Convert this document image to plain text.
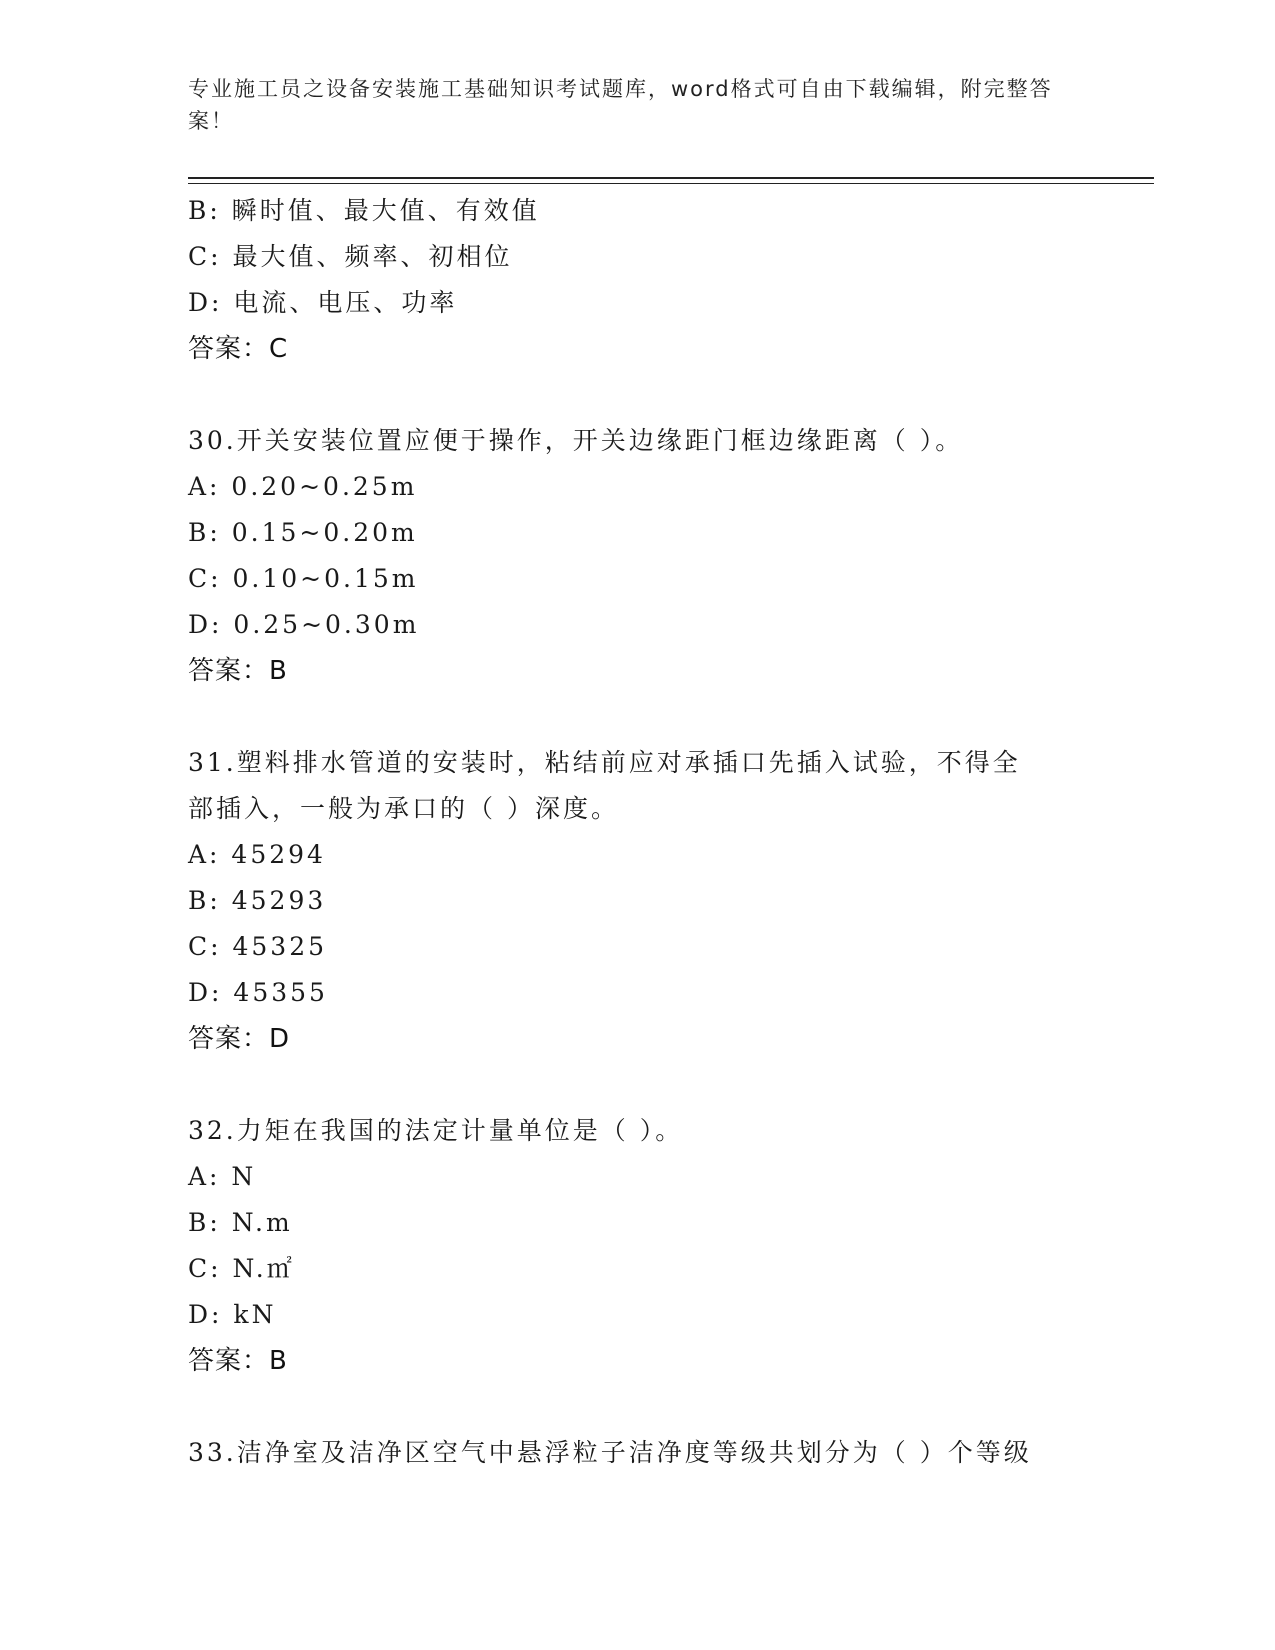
专业施工员之设备安装施工基础知识考试题库，word格式可自由下载编辑，附完整答案！
B: 瞬时值、最大值、有效值
C: 最大值、频率、初相位
D: 电流、电压、功率
答案：C
30.开关安装位置应便于操作，开关边缘距门框边缘距离（ ）。
A: 0.20~0.25m
B: 0.15~0.20m
C: 0.10~0.15m
D: 0.25~0.30m
答案：B
31.塑料排水管道的安装时，粘结前应对承插口先插入试验，不得全部插入，一般为承口的（ ）深度。
A: 45294
B: 45293
C: 45325
D: 45355
答案：D
32.力矩在我国的法定计量单位是（ ）。
A: N
B: N.m
C: N.㎡
D: kN
答案：B
33.洁净室及洁净区空气中悬浮粒子洁净度等级共划分为（ ）个等级
